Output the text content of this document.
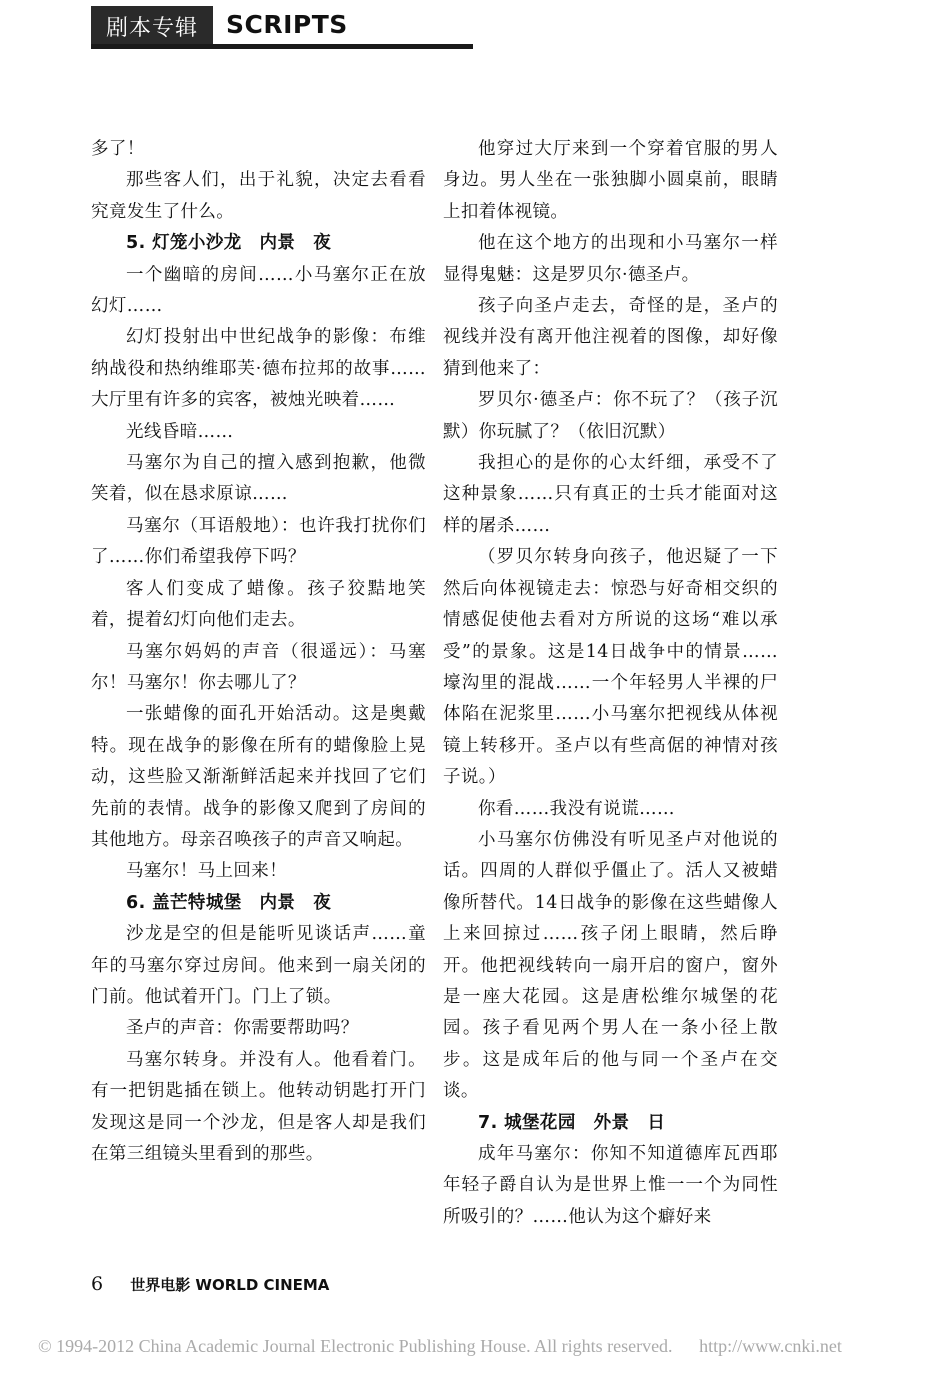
剧本专辑 SCRIPTS

多了！

那些客人们，出于礼貌，决定去看看究竟发生了什么。

5. 灯笼小沙龙　内景　夜

一个幽暗的房间……小马塞尔正在放幻灯……

幻灯投射出中世纪战争的影像：布维纳战役和热纳维耶芙·德布拉邦的故事……大厅里有许多的宾客，被烛光映着……

光线昏暗……

马塞尔为自己的擅入感到抱歉，他微笑着，似在恳求原谅……

马塞尔（耳语般地）：也许我打扰你们了……你们希望我停下吗？

客人们变成了蜡像。孩子狡黠地笑着，提着幻灯向他们走去。

马塞尔妈妈的声音（很遥远）：马塞尔！马塞尔！你去哪儿了？

一张蜡像的面孔开始活动。这是奥戴特。现在战争的影像在所有的蜡像脸上晃动，这些脸又渐渐鲜活起来并找回了它们先前的表情。战争的影像又爬到了房间的其他地方。母亲召唤孩子的声音又响起。

马塞尔！马上回来！

6. 盖芒特城堡　内景　夜

沙龙是空的但是能听见谈话声……童年的马塞尔穿过房间。他来到一扇关闭的门前。他试着开门。门上了锁。

圣卢的声音：你需要帮助吗？

马塞尔转身。并没有人。他看着门。有一把钥匙插在锁上。他转动钥匙打开门发现这是同一个沙龙，但是客人却是我们在第三组镜头里看到的那些。

他穿过大厅来到一个穿着官服的男人身边。男人坐在一张独脚小圆桌前，眼睛上扣着体视镜。

他在这个地方的出现和小马塞尔一样显得鬼魅：这是罗贝尔·德圣卢。

孩子向圣卢走去，奇怪的是，圣卢的视线并没有离开他注视着的图像，却好像猜到他来了：

罗贝尔·德圣卢：你不玩了？（孩子沉默）你玩腻了？（依旧沉默）

我担心的是你的心太纤细，承受不了这种景象……只有真正的士兵才能面对这样的屠杀……

（罗贝尔转身向孩子，他迟疑了一下然后向体视镜走去：惊恐与好奇相交织的情感促使他去看对方所说的这场“难以承受”的景象。这是14日战争中的情景……壕沟里的混战……一个年轻男人半裸的尸体陷在泥浆里……小马塞尔把视线从体视镜上转移开。圣卢以有些高倨的神情对孩子说。）

你看……我没有说谎……

小马塞尔仿佛没有听见圣卢对他说的话。四周的人群似乎僵止了。活人又被蜡像所替代。14日战争的影像在这些蜡像人上来回掠过……孩子闭上眼睛，然后睁开。他把视线转向一扇开启的窗户，窗外是一座大花园。这是唐松维尔城堡的花园。孩子看见两个男人在一条小径上散步。这是成年后的他与同一个圣卢在交谈。

7. 城堡花园　外景　日

成年马塞尔：你知不知道德库瓦西耶年轻子爵自认为是世界上惟一一个为同性所吸引的？……他认为这个癖好来

6 世界电影 WORLD CINEMA
© 1994-2012 China Academic Journal Electronic Publishing House. All rights reserved. http://www.cnki.net
